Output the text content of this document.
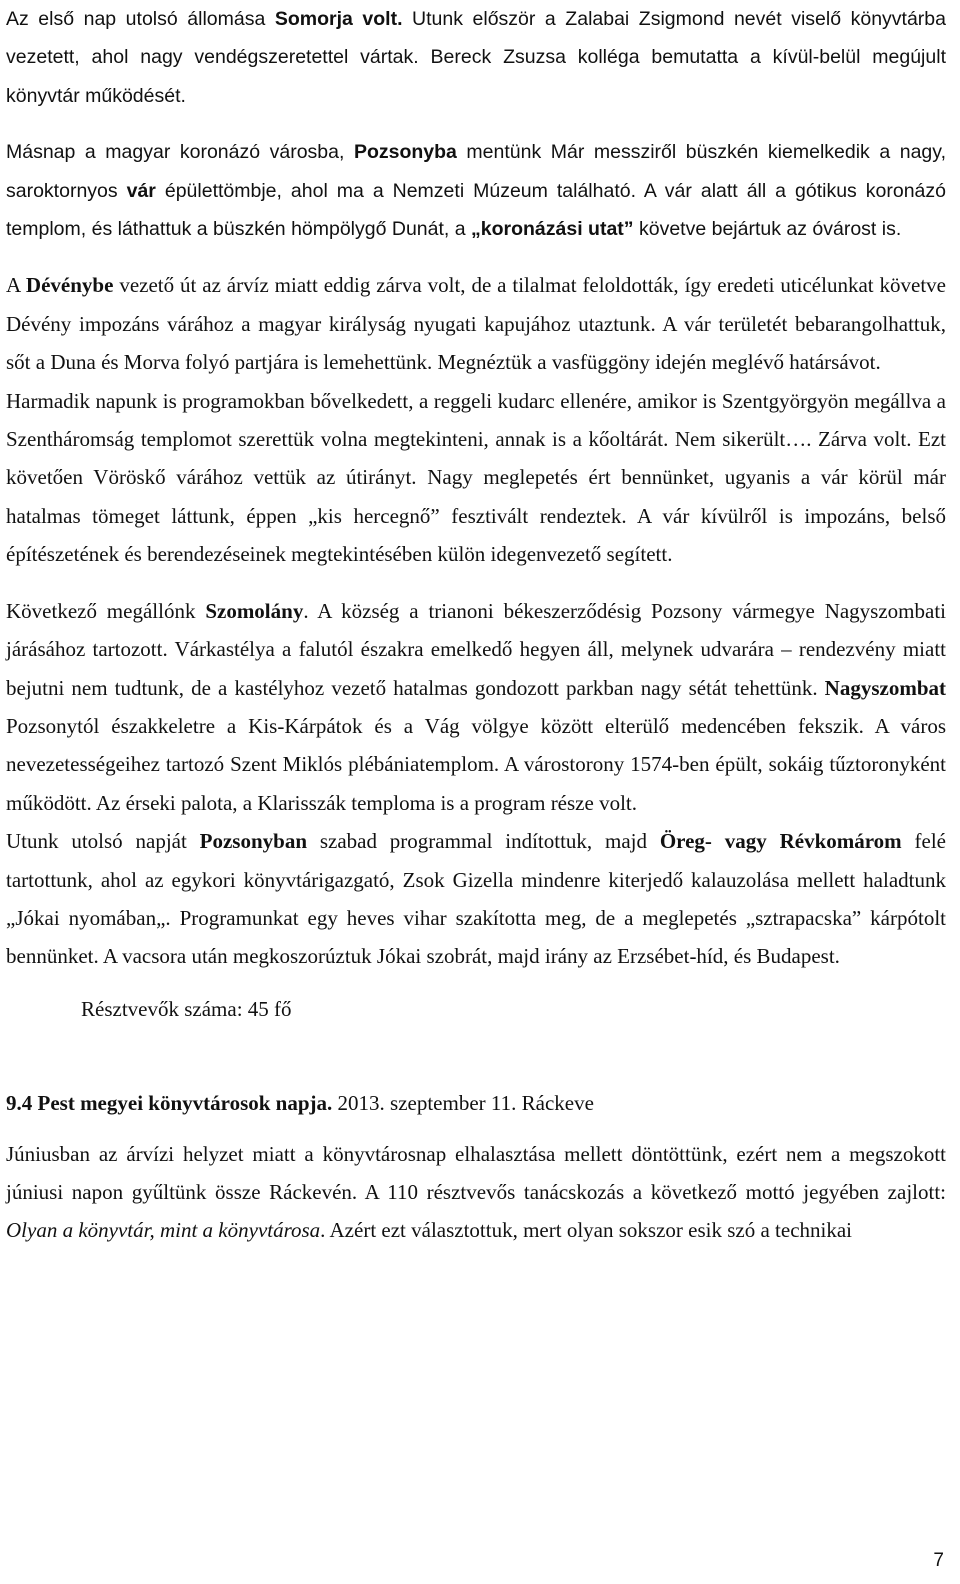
Az első nap utolsó állomása Somorja volt. Utunk először a Zalabai Zsigmond nevét viselő könyvtárba vezetett, ahol nagy vendégszeretettel vártak. Bereck Zsuzsa kolléga bemutatta a kívül-belül megújult könyvtár működését.

Másnap a magyar koronázó városba, Pozsonyba mentünk Már messziről büszkén kiemelkedik a nagy, saroktornyos vár épülettömbje, ahol ma a Nemzeti Múzeum található. A vár alatt áll a gótikus koronázó templom, és láthattuk a büszkén hömpölygő Dunát, a „koronázási utat” követve bejártuk az óvárost is.

A Dévénybe vezető út az árvíz miatt eddig zárva volt, de a tilalmat feloldották, így eredeti uticélunkat követve Dévény impozáns várához a magyar királyság nyugati kapujához utaztunk. A vár területét bebarangolhattuk, sőt a Duna és Morva folyó partjára is lemehettünk. Megnéztük a vasfüggöny idején meglévő határsávot.

Harmadik napunk is programokban bővelkedett, a reggeli kudarc ellenére, amikor is Szentgyörgyön megállva a Szentháromság templomot szerettük volna megtekinteni, annak is a kőoltárát. Nem sikerült…. Zárva volt. Ezt követően Vöröskő várához vettük az útirányt. Nagy meglepetés ért bennünket, ugyanis a vár körül már hatalmas tömeget láttunk, éppen „kis hercegnő” fesztivált rendeztek. A vár kívülről is impozáns, belső építészetének és berendezéseinek megtekintésében külön idegenvezető segített.

Következő megállónk Szomolány. A község a trianoni békeszerződésig Pozsony vármegye Nagyszombati járásához tartozott. Várkastélya a falutól északra emelkedő hegyen áll, melynek udvarára – rendezvény miatt bejutni nem tudtunk, de a kastélyhoz vezető hatalmas gondozott parkban nagy sétát tehettünk. Nagyszombat Pozsonytól északkeletre a Kis-Kárpátok és a Vág völgye között elterülő medencében fekszik. A város nevezetességeihez tartozó Szent Miklós plébániatemplom. A várostorony 1574-ben épült, sokáig tűztoronyként működött. Az érseki palota, a Klarisszák temploma is a program része volt.

Utunk utolsó napját Pozsonyban szabad programmal indítottuk, majd Öreg- vagy Révkomárom felé tartottunk, ahol az egykori könyvtárigazgató, Zsok Gizella mindenre kiterjedő kalauzolása mellett haladtunk „Jókai nyomában„. Programunkat egy heves vihar szakította meg, de a meglepetés „sztrapacska” kárpótolt bennünket. A vacsora után megkoszorúztuk Jókai szobrát, majd irány az Erzsébet-híd, és Budapest.

Résztvevők száma: 45 fő

9.4 Pest megyei könyvtárosok napja. 2013. szeptember 11. Ráckeve

Júniusban az árvízi helyzet miatt a könyvtárosnap elhalasztása mellett döntöttünk, ezért nem a megszokott júniusi napon gyűltünk össze Ráckevén. A 110 résztvevős tanácskozás a következő mottó jegyében zajlott: Olyan a könyvtár, mint a könyvtárosa. Azért ezt választottuk, mert olyan sokszor esik szó a technikai

7
